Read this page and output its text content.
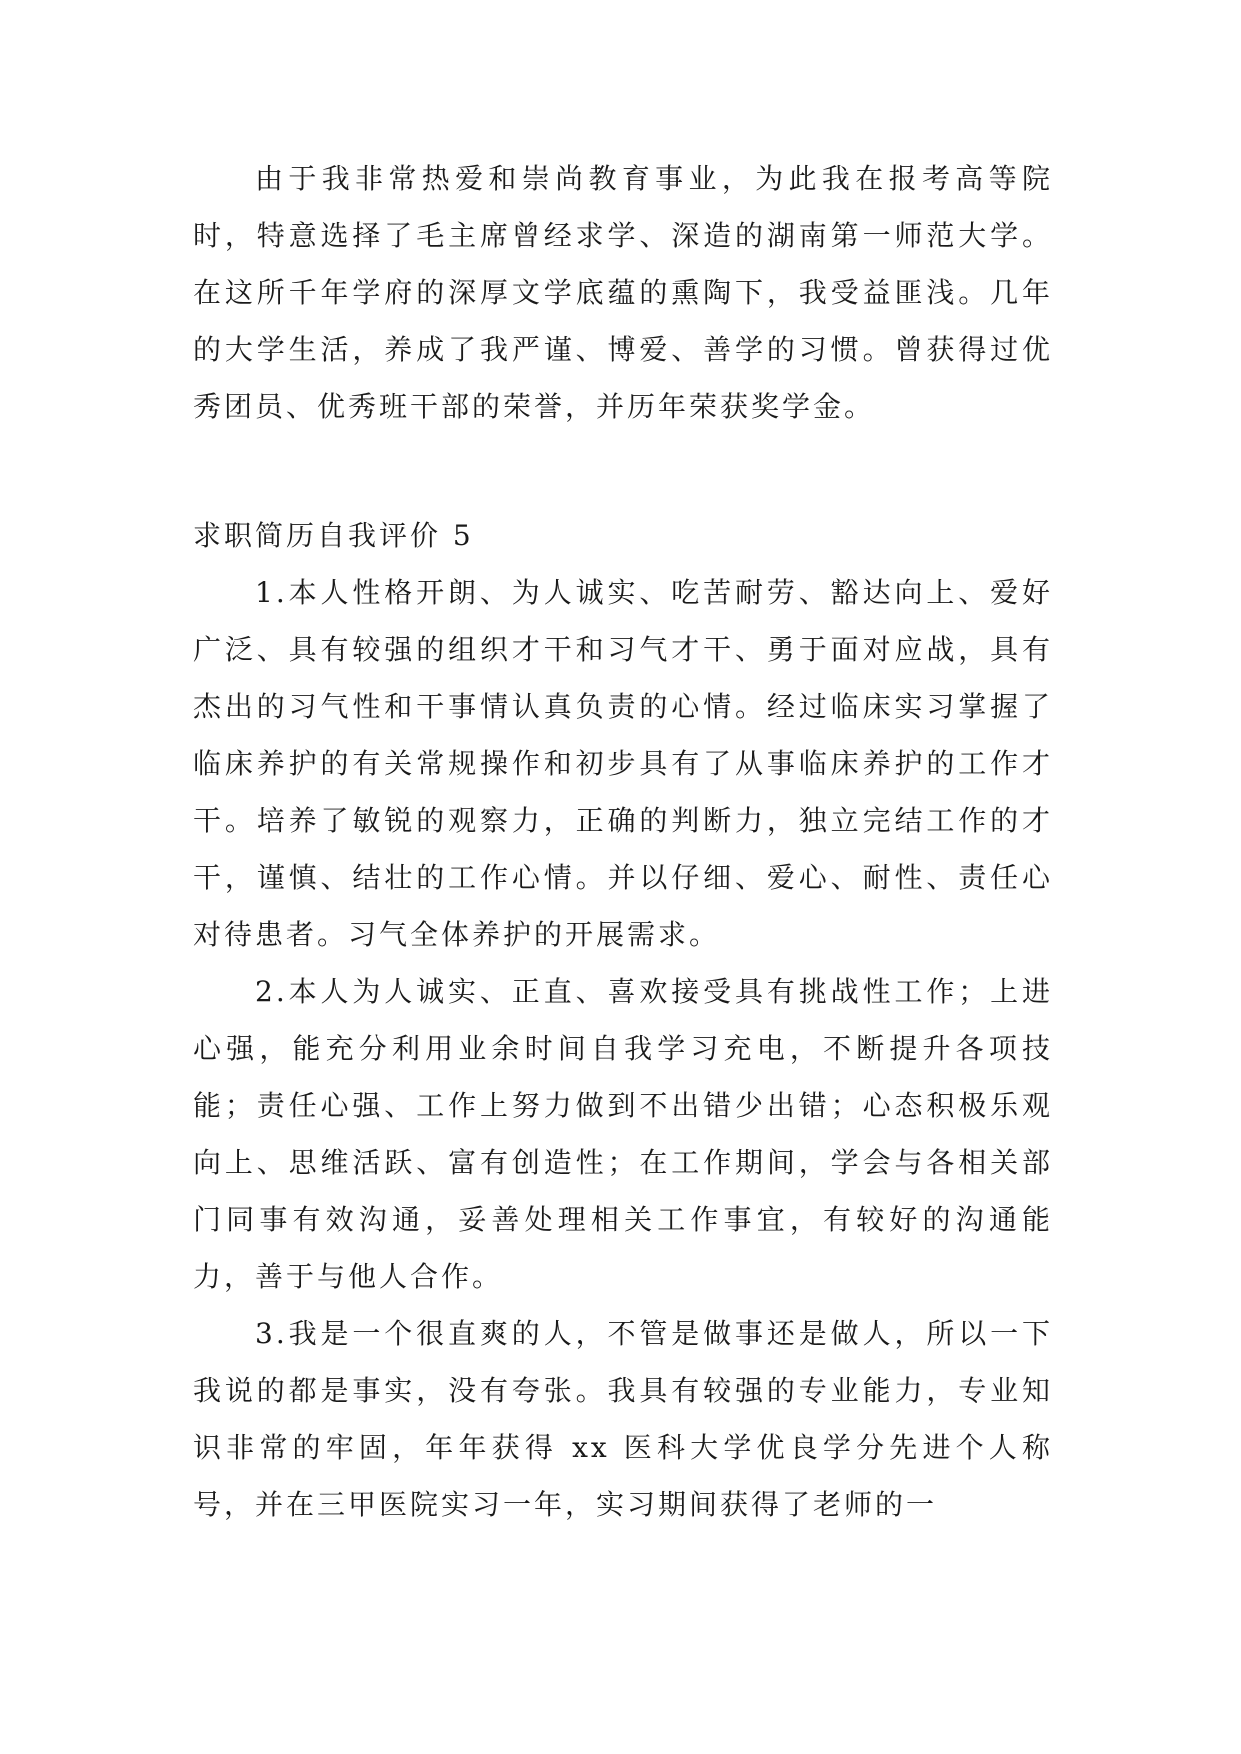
由于我非常热爱和崇尚教育事业，为此我在报考高等院时，特意选择了毛主席曾经求学、深造的湖南第一师范大学。在这所千年学府的深厚文学底蕴的熏陶下，我受益匪浅。几年的大学生活，养成了我严谨、博爱、善学的习惯。曾获得过优秀团员、优秀班干部的荣誉，并历年荣获奖学金。

求职简历自我评价 5

1.本人性格开朗、为人诚实、吃苦耐劳、豁达向上、爱好广泛、具有较强的组织才干和习气才干、勇于面对应战，具有杰出的习气性和干事情认真负责的心情。经过临床实习掌握了临床养护的有关常规操作和初步具有了从事临床养护的工作才干。培养了敏锐的观察力，正确的判断力，独立完结工作的才干，谨慎、结壮的工作心情。并以仔细、爱心、耐性、责任心对待患者。习气全体养护的开展需求。

2.本人为人诚实、正直、喜欢接受具有挑战性工作；上进心强，能充分利用业余时间自我学习充电，不断提升各项技能；责任心强、工作上努力做到不出错少出错；心态积极乐观向上、思维活跃、富有创造性；在工作期间，学会与各相关部门同事有效沟通，妥善处理相关工作事宜，有较好的沟通能力，善于与他人合作。

3.我是一个很直爽的人，不管是做事还是做人，所以一下我说的都是事实，没有夸张。我具有较强的专业能力，专业知识非常的牢固，年年获得 xx 医科大学优良学分先进个人称号，并在三甲医院实习一年，实习期间获得了老师的一
